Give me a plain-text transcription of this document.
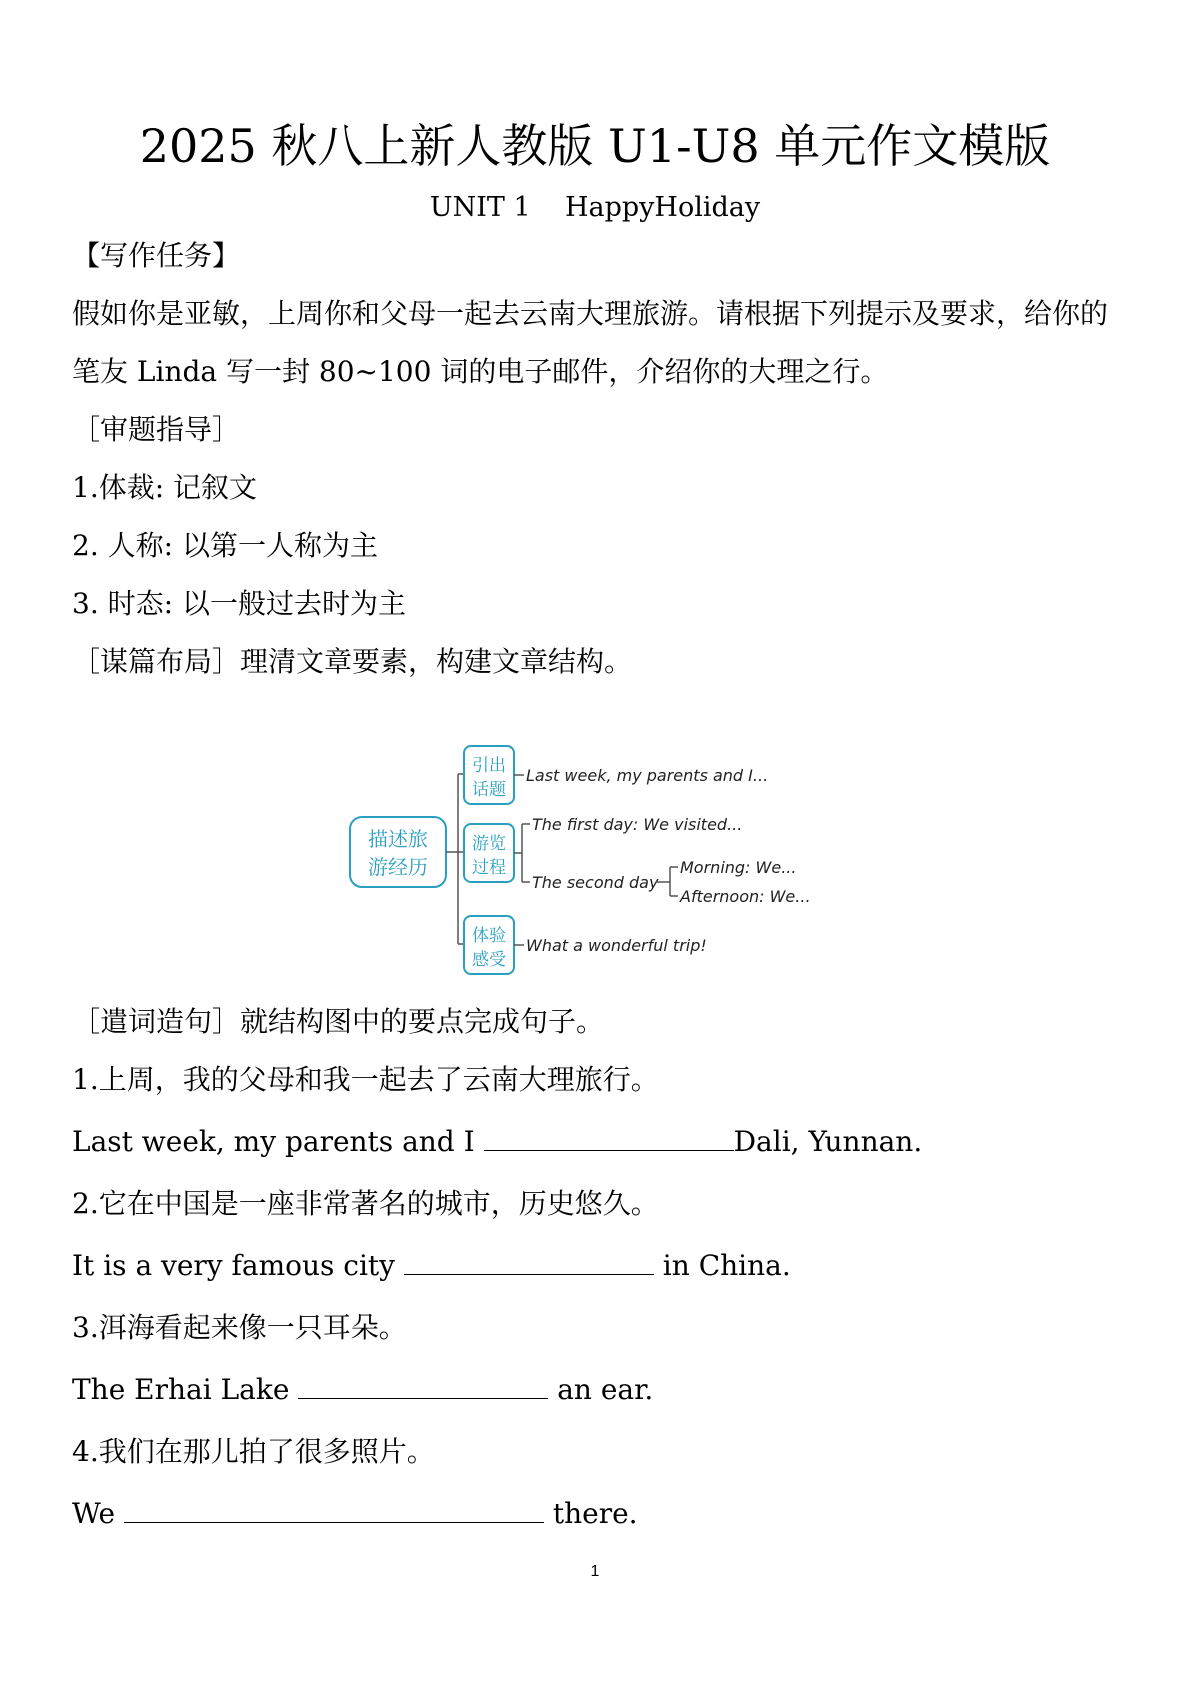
2025 秋八上新人教版 U1-U8 单元作文模版
UNIT 1    HappyHoliday
【写作任务】
假如你是亚敏，上周你和父母一起去云南大理旅游。请根据下列提示及要求，给你的
笔友 Linda 写一封 80~100 词的电子邮件，介绍你的大理之行。
［审题指导］
1.体裁: 记叙文
2. 人称: 以第一人称为主
3. 时态: 以一般过去时为主
［谋篇布局］理清文章要素，构建文章结构。
描述旅
游经历
引出
话题
Last week, my parents and I...
游览
过程
The first day: We visited...
The second day
Morning: We...
Afternoon: We...
体验
感受
What a wonderful trip!
［遣词造句］就结构图中的要点完成句子。
1.上周，我的父母和我一起去了云南大理旅行。
Last week, my parents and I	Dali, Yunnan.
2.它在中国是一座非常著名的城市，历史悠久。
It is a very famous city	in China.
3.洱海看起来像一只耳朵。
The Erhai Lake	an ear.
4.我们在那儿拍了很多照片。
We	there.
1
